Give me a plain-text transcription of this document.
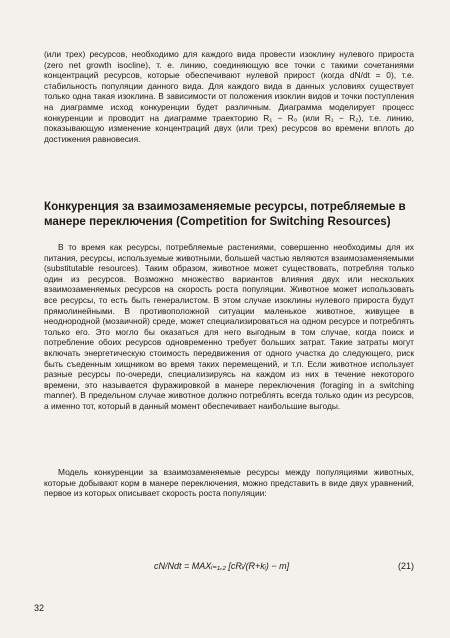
(или трех) ресурсов, необходимо для каждого вида провести изоклину нулевого прироста (zero net growth isocline), т. е. линию, соединяющую все точки с такими сочетаниями концентраций ресурсов, которые обеспечивают нулевой прирост (когда dN/dt = 0), т.е. стабильность популяции данного вида. Для каждого вида в данных условиях существует только одна такая изоклина. В зависимости от положения изоклин видов и точки поступления на диаграмме исход конкуренции будет различным. Диаграмма моделирует процесс конкуренции и проводит на диаграмме траекторию R₁ − R₀ (или R₁ − R₂), т.е. линию, показывающую изменение концентраций двух (или трех) ресурсов во времени вплоть до достижения равновесия.

Конкуренция за взаимозаменяемые ресурсы, потребляемые в манере переключения (Competition for Switching Resources)

В то время как ресурсы, потребляемые растениями, совершенно необходимы для их питания, ресурсы, используемые животными, большей частью являются взаимозаменяемыми (substitutable resources). Таким образом, животное может существовать, потребляя только один из ресурсов. Возможно множество вариантов влияния двух или нескольких взаимозаменяемых ресурсов на скорость роста популяции. Животное может использовать все ресурсы, то есть быть генералистом. В этом случае изоклины нулевого прироста будут прямолинейными. В противоположной ситуации маленькое животное, живущее в неоднородной (мозаичной) среде, может специализироваться на одном ресурсе и потреблять только его. Это могло бы оказаться для него выгодным в том случае, когда поиск и потребление обоих ресурсов одновременно требует больших затрат. Такие затраты могут включать энергетическую стоимость передвижения от одного участка до следующего, риск быть съеденным хищником во время таких перемещений, и т.п. Если животное использует разные ресурсы по-очереди, специализируясь на каждом из них в течение некоторого времени, это называется фуражировкой в манере переключения (foraging in a switching manner). В предельном случае животное должно потреблять всегда только один из ресурсов, а именно тот, который в данный момент обеспечивает наибольшие выгоды.

Модель конкуренции за взаимозаменяемые ресурсы между популяциями животных, которые добывают корм в манере переключения, можно представить в виде двух уравнений, первое из которых описывает скорость роста популяции:

cN/Ndt = MAXᵢ₌₁,₂ [cRᵢ/(R+kᵢ) − m]	(21)
32
